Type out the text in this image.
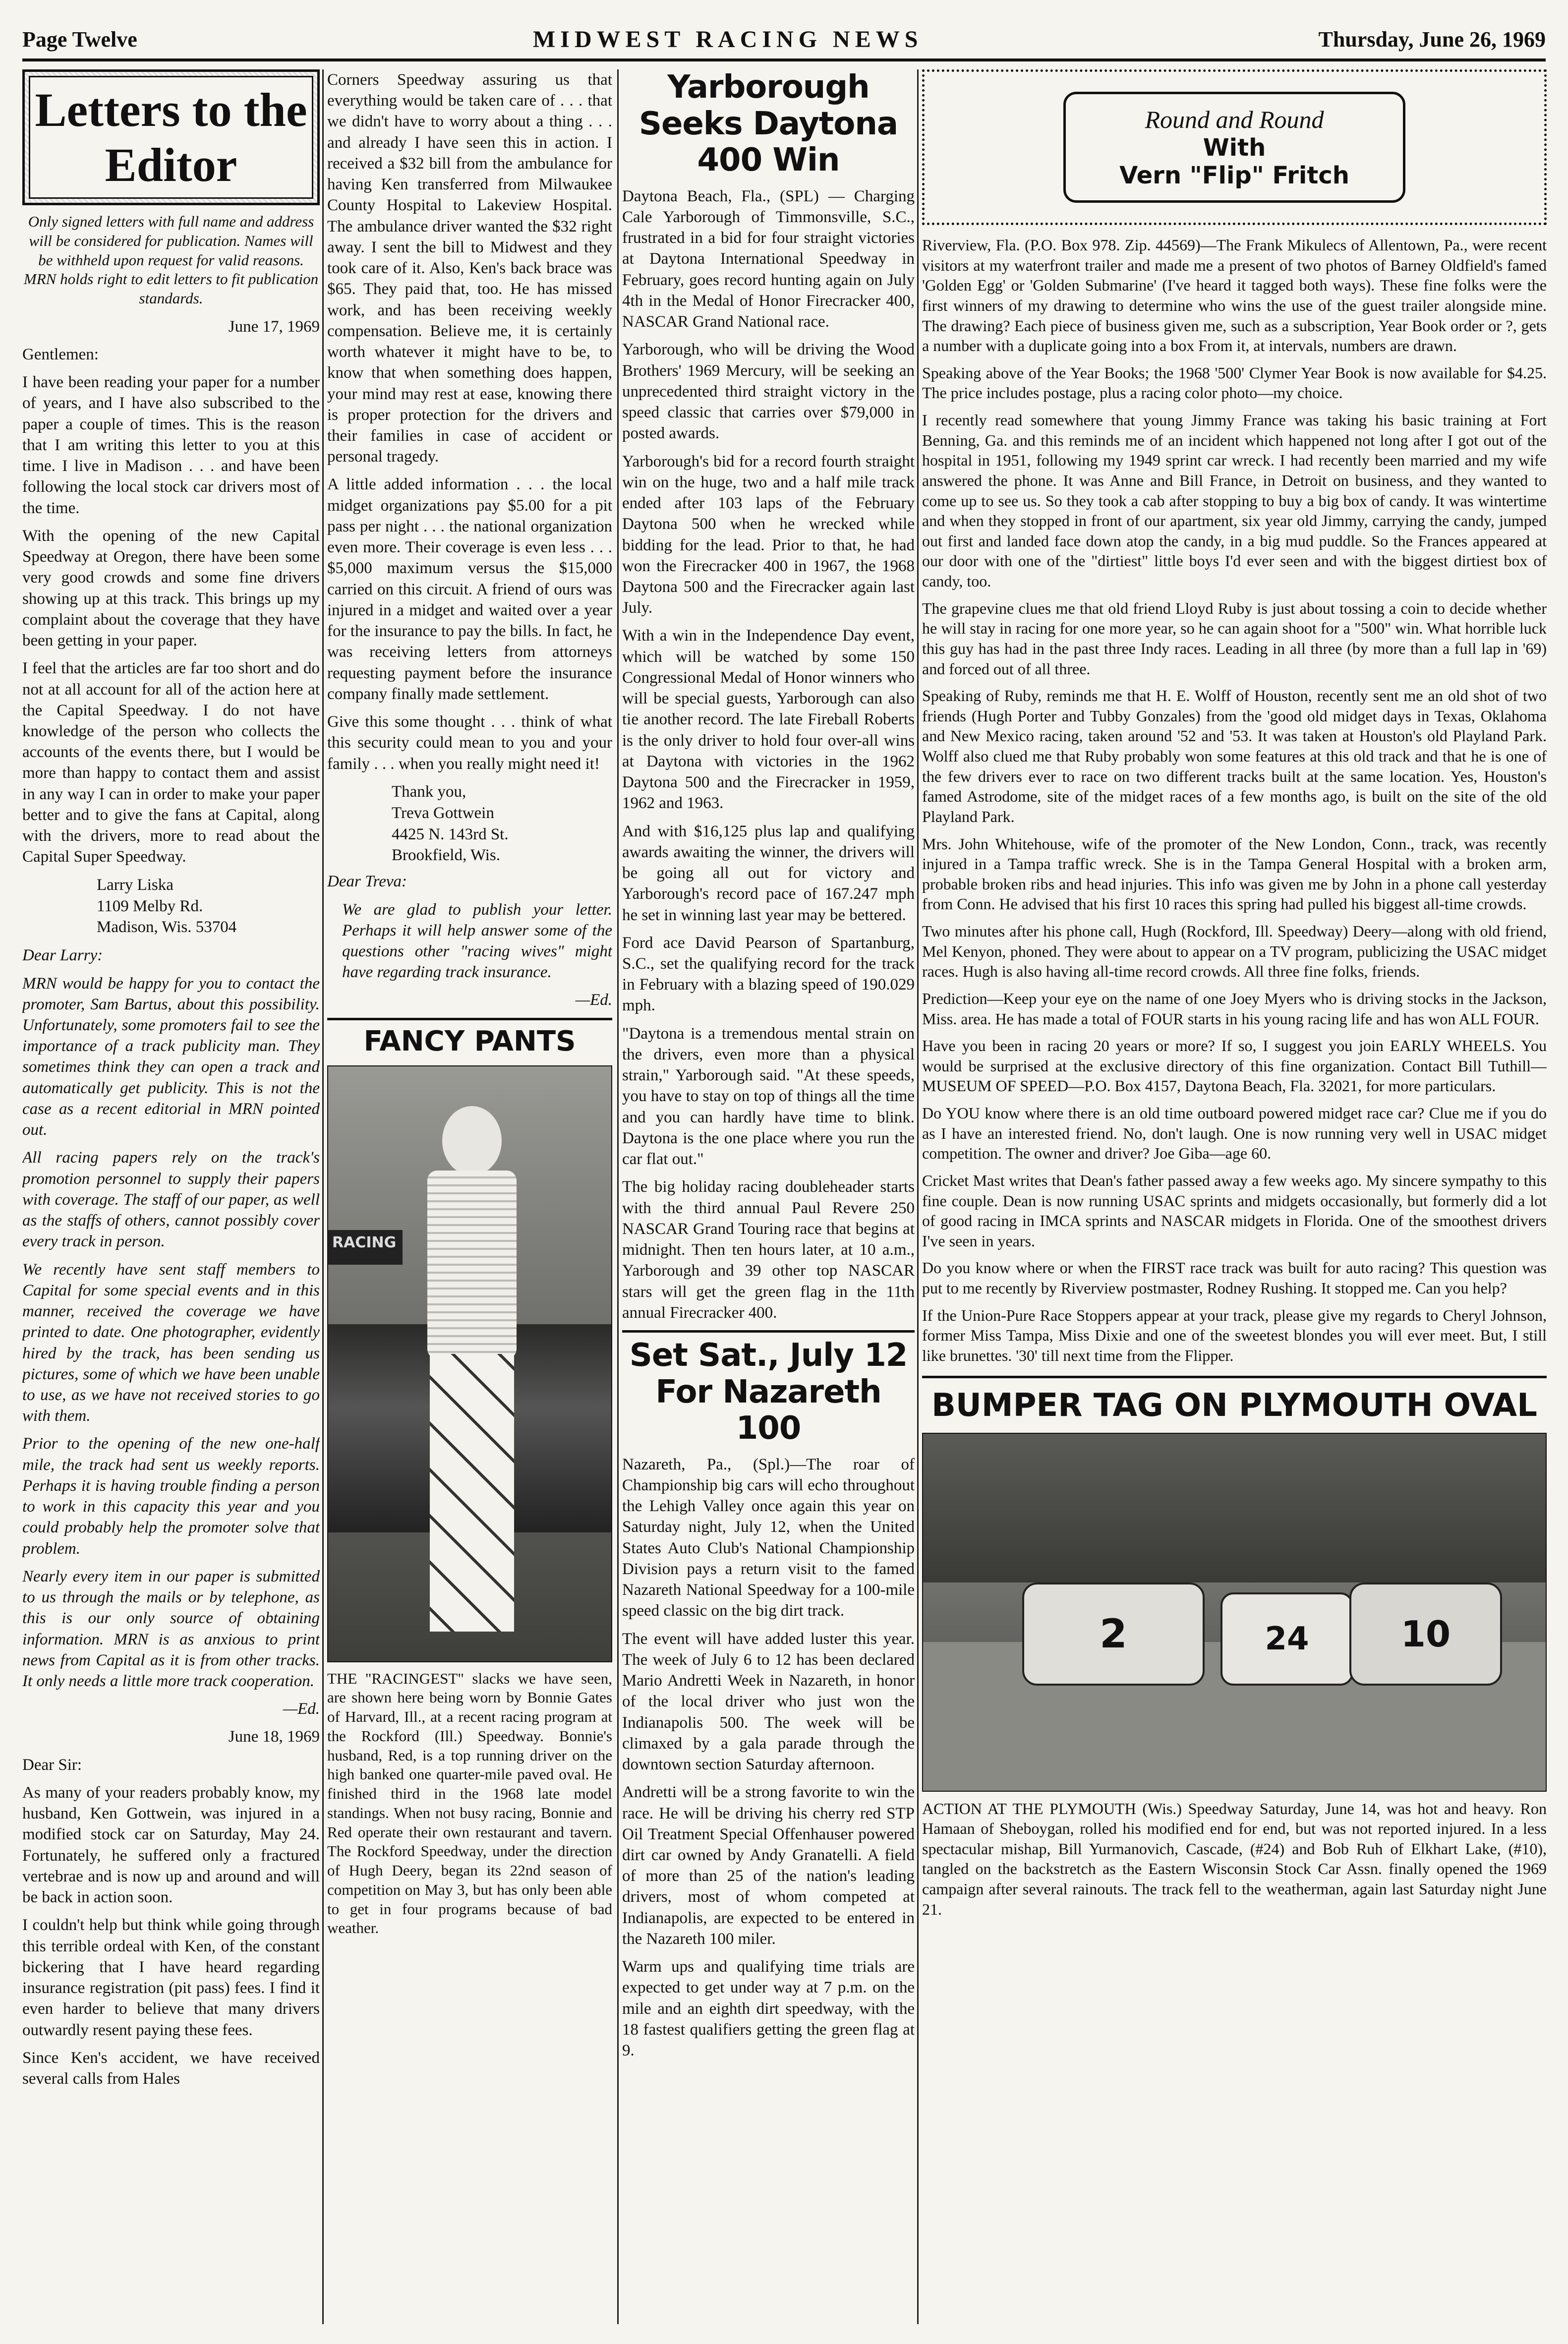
Page Twelve	MIDWEST RACING NEWS	Thursday, June 26, 1969
Letters to the Editor
Only signed letters with full name and address will be considered for publication. Names will be withheld upon request for valid reasons. MRN holds right to edit letters to fit publication standards.

June 17, 1969

Gentlemen:

I have been reading your paper for a number of years, and I have also subscribed to the paper a couple of times. This is the reason that I am writing this letter to you at this time. I live in Madison . . . and have been following the local stock car drivers most of the time.

With the opening of the new Capital Speedway at Oregon, there have been some very good crowds and some fine drivers showing up at this track. This brings up my complaint about the coverage that they have been getting in your paper.

I feel that the articles are far too short and do not at all account for all of the action here at the Capital Speedway. I do not have knowledge of the person who collects the accounts of the events there, but I would be more than happy to contact them and assist in any way I can in order to make your paper better and to give the fans at Capital, along with the drivers, more to read about the Capital Super Speedway.

Larry Liska
1109 Melby Rd.
Madison, Wis. 53704

Dear Larry:

MRN would be happy for you to contact the promoter, Sam Bartus, about this possibility. Unfortunately, some promoters fail to see the importance of a track publicity man. They sometimes think they can open a track and automatically get publicity. This is not the case as a recent editorial in MRN pointed out.

All racing papers rely on the track's promotion personnel to supply their papers with coverage. The staff of our paper, as well as the staffs of others, cannot possibly cover every track in person.

We recently have sent staff members to Capital for some special events and in this manner, received the coverage we have printed to date. One photographer, evidently hired by the track, has been sending us pictures, some of which we have been unable to use, as we have not received stories to go with them.

Prior to the opening of the new one-half mile, the track had sent us weekly reports. Perhaps it is having trouble finding a person to work in this capacity this year and you could probably help the promoter solve that problem.

Nearly every item in our paper is submitted to us through the mails or by telephone, as this is our only source of obtaining information. MRN is as anxious to print news from Capital as it is from other tracks. It only needs a little more track cooperation.

—Ed.

June 18, 1969

Dear Sir:

As many of your readers probably know, my husband, Ken Gottwein, was injured in a modified stock car on Saturday, May 24. Fortunately, he suffered only a fractured vertebrae and is now up and around and will be back in action soon.

I couldn't help but think while going through this terrible ordeal with Ken, of the constant bickering that I have heard regarding insurance registration (pit pass) fees. I find it even harder to believe that many drivers outwardly resent paying these fees.

Since Ken's accident, we have received several calls from Hales

Corners Speedway assuring us that everything would be taken care of . . . that we didn't have to worry about a thing . . . and already I have seen this in action. I received a $32 bill from the ambulance for having Ken transferred from Milwaukee County Hospital to Lakeview Hospital. The ambulance driver wanted the $32 right away. I sent the bill to Midwest and they took care of it. Also, Ken's back brace was $65. They paid that, too. He has missed work, and has been receiving weekly compensation. Believe me, it is certainly worth whatever it might have to be, to know that when something does happen, your mind may rest at ease, knowing there is proper protection for the drivers and their families in case of accident or personal tragedy.

A little added information . . . the local midget organizations pay $5.00 for a pit pass per night . . . the national organization even more. Their coverage is even less . . . $5,000 maximum versus the $15,000 carried on this circuit. A friend of ours was injured in a midget and waited over a year for the insurance to pay the bills. In fact, he was receiving letters from attorneys requesting payment before the insurance company finally made settlement.

Give this some thought . . . think of what this security could mean to you and your family . . . when you really might need it!

Thank you,
Treva Gottwein
4425 N. 143rd St.
Brookfield, Wis.

Dear Treva:

We are glad to publish your letter. Perhaps it will help answer some of the questions other "racing wives" might have regarding track insurance.

—Ed.

FANCY PANTS
RACING

THE "RACINGEST" slacks we have seen, are shown here being worn by Bonnie Gates of Harvard, Ill., at a recent racing program at the Rockford (Ill.) Speedway. Bonnie's husband, Red, is a top running driver on the high banked one quarter-mile paved oval. He finished third in the 1968 late model standings. When not busy racing, Bonnie and Red operate their own restaurant and tavern. The Rockford Speedway, under the direction of Hugh Deery, began its 22nd season of competition on May 3, but has only been able to get in four programs because of bad weather.

Yarborough Seeks Daytona 400 Win

Daytona Beach, Fla., (SPL) — Charging Cale Yarborough of Timmonsville, S.C., frustrated in a bid for four straight victories at Daytona International Speedway in February, goes record hunting again on July 4th in the Medal of Honor Firecracker 400, NASCAR Grand National race.

Yarborough, who will be driving the Wood Brothers' 1969 Mercury, will be seeking an unprecedented third straight victory in the speed classic that carries over $79,000 in posted awards.

Yarborough's bid for a record fourth straight win on the huge, two and a half mile track ended after 103 laps of the February Daytona 500 when he wrecked while bidding for the lead. Prior to that, he had won the Firecracker 400 in 1967, the 1968 Daytona 500 and the Firecracker again last July.

With a win in the Independence Day event, which will be watched by some 150 Congressional Medal of Honor winners who will be special guests, Yarborough can also tie another record. The late Fireball Roberts is the only driver to hold four over-all wins at Daytona with victories in the 1962 Daytona 500 and the Firecracker in 1959, 1962 and 1963.

And with $16,125 plus lap and qualifying awards awaiting the winner, the drivers will be going all out for victory and Yarborough's record pace of 167.247 mph he set in winning last year may be bettered.

Ford ace David Pearson of Spartanburg, S.C., set the qualifying record for the track in February with a blazing speed of 190.029 mph.

"Daytona is a tremendous mental strain on the drivers, even more than a physical strain," Yarborough said. "At these speeds, you have to stay on top of things all the time and you can hardly have time to blink. Daytona is the one place where you run the car flat out."

The big holiday racing doubleheader starts with the third annual Paul Revere 250 NASCAR Grand Touring race that begins at midnight. Then ten hours later, at 10 a.m., Yarborough and 39 other top NASCAR stars will get the green flag in the 11th annual Firecracker 400.

Set Sat., July 12 For Nazareth 100

Nazareth, Pa., (Spl.)—The roar of Championship big cars will echo throughout the Lehigh Valley once again this year on Saturday night, July 12, when the United States Auto Club's National Championship Division pays a return visit to the famed Nazareth National Speedway for a 100-mile speed classic on the big dirt track.

The event will have added luster this year. The week of July 6 to 12 has been declared Mario Andretti Week in Nazareth, in honor of the local driver who just won the Indianapolis 500. The week will be climaxed by a gala parade through the downtown section Saturday afternoon.

Andretti will be a strong favorite to win the race. He will be driving his cherry red STP Oil Treatment Special Offenhauser powered dirt car owned by Andy Granatelli. A field of more than 25 of the nation's leading drivers, most of whom competed at Indianapolis, are expected to be entered in the Nazareth 100 miler.

Warm ups and qualifying time trials are expected to get under way at 7 p.m. on the mile and an eighth dirt speedway, with the 18 fastest qualifiers getting the green flag at 9.

Round and Round
With
Vern "Flip" Fritch

Riverview, Fla. (P.O. Box 978. Zip. 44569)—The Frank Mikulecs of Allentown, Pa., were recent visitors at my waterfront trailer and made me a present of two photos of Barney Oldfield's famed 'Golden Egg' or 'Golden Submarine' (I've heard it tagged both ways). These fine folks were the first winners of my drawing to determine who wins the use of the guest trailer alongside mine. The drawing? Each piece of business given me, such as a subscription, Year Book order or ?, gets a number with a duplicate going into a box From it, at intervals, numbers are drawn.

Speaking above of the Year Books; the 1968 '500' Clymer Year Book is now available for $4.25. The price includes postage, plus a racing color photo—my choice.

I recently read somewhere that young Jimmy France was taking his basic training at Fort Benning, Ga. and this reminds me of an incident which happened not long after I got out of the hospital in 1951, following my 1949 sprint car wreck. I had recently been married and my wife answered the phone. It was Anne and Bill France, in Detroit on business, and they wanted to come up to see us. So they took a cab after stopping to buy a big box of candy. It was wintertime and when they stopped in front of our apartment, six year old Jimmy, carrying the candy, jumped out first and landed face down atop the candy, in a big mud puddle. So the Frances appeared at our door with one of the "dirtiest" little boys I'd ever seen and with the biggest dirtiest box of candy, too.

The grapevine clues me that old friend Lloyd Ruby is just about tossing a coin to decide whether he will stay in racing for one more year, so he can again shoot for a "500" win. What horrible luck this guy has had in the past three Indy races. Leading in all three (by more than a full lap in '69) and forced out of all three.

Speaking of Ruby, reminds me that H. E. Wolff of Houston, recently sent me an old shot of two friends (Hugh Porter and Tubby Gonzales) from the 'good old midget days in Texas, Oklahoma and New Mexico racing, taken around '52 and '53. It was taken at Houston's old Playland Park. Wolff also clued me that Ruby probably won some features at this old track and that he is one of the few drivers ever to race on two different tracks built at the same location. Yes, Houston's famed Astrodome, site of the midget races of a few months ago, is built on the site of the old Playland Park.

Mrs. John Whitehouse, wife of the promoter of the New London, Conn., track, was recently injured in a Tampa traffic wreck. She is in the Tampa General Hospital with a broken arm, probable broken ribs and head injuries. This info was given me by John in a phone call yesterday from Conn. He advised that his first 10 races this spring had pulled his biggest all-time crowds.

Two minutes after his phone call, Hugh (Rockford, Ill. Speedway) Deery—along with old friend, Mel Kenyon, phoned. They were about to appear on a TV program, publicizing the USAC midget races. Hugh is also having all-time record crowds. All three fine folks, friends.

Prediction—Keep your eye on the name of one Joey Myers who is driving stocks in the Jackson, Miss. area. He has made a total of FOUR starts in his young racing life and has won ALL FOUR.

Have you been in racing 20 years or more? If so, I suggest you join EARLY WHEELS. You would be surprised at the exclusive directory of this fine organization. Contact Bill Tuthill—MUSEUM OF SPEED—P.O. Box 4157, Daytona Beach, Fla. 32021, for more particulars.

Do YOU know where there is an old time outboard powered midget race car? Clue me if you do as I have an interested friend. No, don't laugh. One is now running very well in USAC midget competition. The owner and driver? Joe Giba—age 60.

Cricket Mast writes that Dean's father passed away a few weeks ago. My sincere sympathy to this fine couple. Dean is now running USAC sprints and midgets occasionally, but formerly did a lot of good racing in IMCA sprints and NASCAR midgets in Florida. One of the smoothest drivers I've seen in years.

Do you know where or when the FIRST race track was built for auto racing? This question was put to me recently by Riverview postmaster, Rodney Rushing. It stopped me. Can you help?

If the Union-Pure Race Stoppers appear at your track, please give my regards to Cheryl Johnson, former Miss Tampa, Miss Dixie and one of the sweetest blondes you will ever meet. But, I still like brunettes. '30' till next time from the Flipper.

BUMPER TAG ON PLYMOUTH OVAL
2	24	10

ACTION AT THE PLYMOUTH (Wis.) Speedway Saturday, June 14, was hot and heavy. Ron Hamaan of Sheboygan, rolled his modified end for end, but was not reported injured. In a less spectacular mishap, Bill Yurmanovich, Cascade, (#24) and Bob Ruh of Elkhart Lake, (#10), tangled on the backstretch as the Eastern Wisconsin Stock Car Assn. finally opened the 1969 campaign after several rainouts. The track fell to the weatherman, again last Saturday night June 21.
